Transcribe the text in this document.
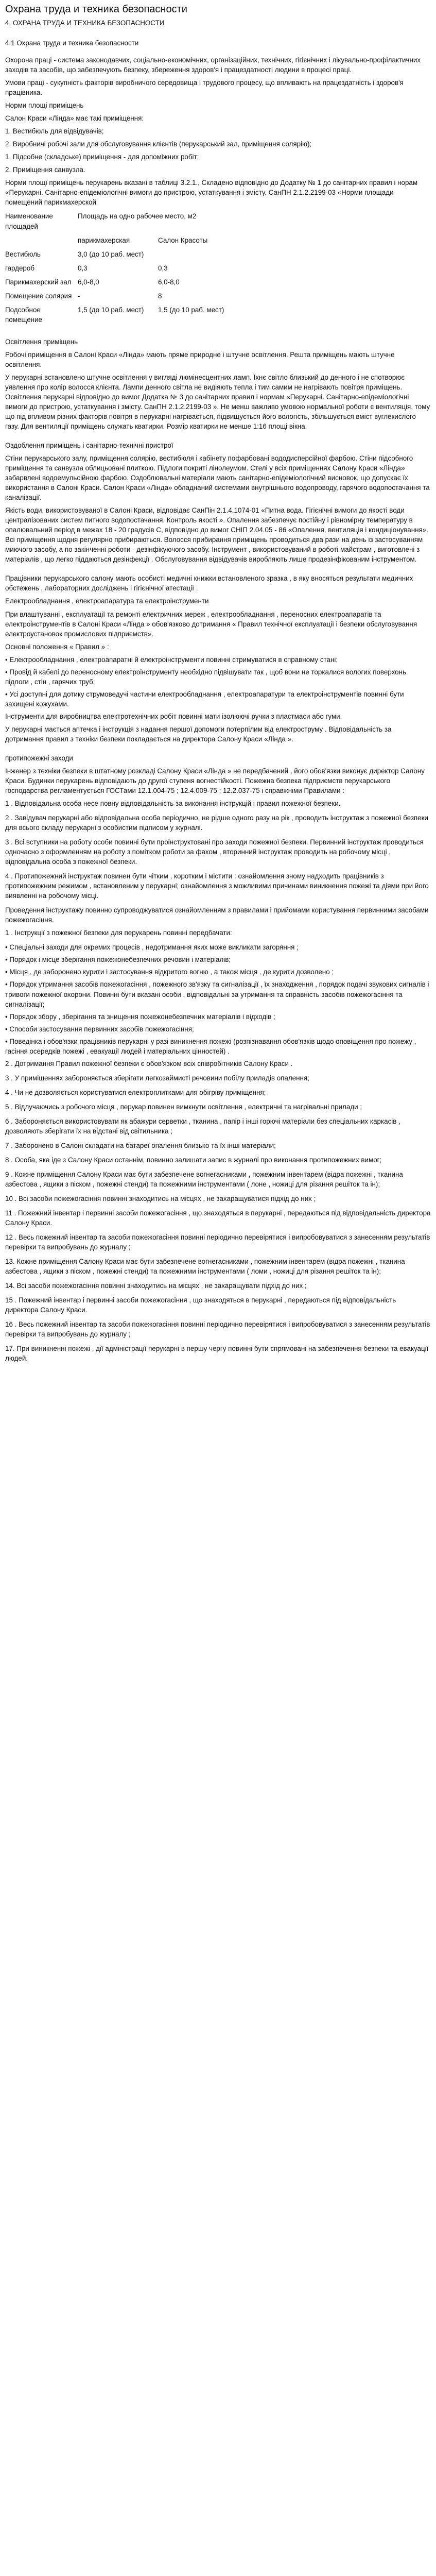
Охрана труда и техника безопасности
4. ОХРАНА ТРУДА И ТЕХНИКА БЕЗОПАСНОСТИ
4.1 Охрана труда и техника безопасности

Охорона праці - система законодавчих, соціально-економічних, організаційних, технічних, гігієнічних і лікувально-профілактичних заходів та засобів, що забезпечують безпеку, збереження здоров'я і працездатності людини в процесі праці.

Умови праці - сукупність факторів виробничого середовища і трудового процесу, що впливають на працездатність і здоров'я працівника.

Норми площі приміщень

Салон Краси «Лінда» має такі приміщення:

1. Вестибюль для відвідувачів;

2. Виробничі робочі зали для обслуговування клієнтів (перукарський зал, приміщення солярію);

1. Підсобне (складське) приміщення - для допоміжних робіт;

2. Приміщення санвузла.

Норми площі приміщень перукарень вказані в таблиці 3.2.1., Складено відповідно до Додатку № 1 до санітарних правил і норам «Перукарні. Санітарно-епідеміологічні вимоги до пристрою, устаткування і змісту. СанПН 2.1.2.2199-03 «Норми площади помещений парикмахерской

Наименование площадей	Площадь на одно рабочее место, м2	
	парикмахерская	Салон Красоты
Вестибюль	3,0 (до 10 раб. мест)	
гардероб	0,3	0,3
Парикмахерский зал	6,0-8,0	6,0-8,0
Помещение солярия	-	8
Подсобное помещение	1,5 (до 10 раб. мест)	1,5 (до 10 раб. мест)

Освітлення приміщень

Робочі приміщення в Салоні Краси «Лінда» мають пряме природне і штучне освітлення. Решта приміщень мають штучне освітлення.

У перукарні встановлено штучне освітлення у вигляді люмінесцентних ламп. Їхнє світло близький до денного і не спотворює уявлення про колір волосся клієнта. Лампи денного світла не видіяють тепла і тим самим не нагрівають повітря приміщень. Освітлення перукарні відповідно до вимог Додатка № 3 до санітарних правил і нормам «Перукарні. Санітарно-епідеміологічні вимоги до пристрою, устаткування і змісту. СанПН 2.1.2.2199-03 ». Не менш важливо умовою нормальної роботи є вентиляція, тому що під впливом різних факторів повітря в перукарні нагрівається, підвищується його вологість, збільшується вміст вуглекислого газу. Для вентиляції приміщень служать кватирки. Розмір кватирки не менше 1:16 площі вікна.

Оздоблення приміщень і санітарно-технічні пристрої

Стіни перукарського залу, приміщення солярію, вестибюля і кабінету пофарбовані вододисперсійної фарбою. Стіни підсобного приміщення та санвузла облицьовані плиткою. Підлоги покриті лінолеумом. Стелі у всіх приміщеннях Салону Краси «Лінда» забарвлені водоемульсійною фарбою. Оздоблювальні матеріали мають санітарно-епідеміологічний висновок, що допускає їх використання в Салоні Краси. Салон Краси «Лінда» обладнаний системами внутрішнього водопроводу, гарячого водопостачання та каналізації.

Якість води, використовуваної в Салоні Краси, відповідає СанПін 2.1.4.1074-01 «Питна вода. Гігієнічні вимоги до якості води централізованих систем питного водопостачання. Контроль якості ». Опалення забезпечує постійну і рівномірну температуру в опалювальний період в межах 18 - 20 градусів С, відповідно до вимог СНІП 2.04.05 - 86 «Опалення, вентиляція і кондиціонування». Всі приміщення щодня регулярно прибираються. Волосся прибирання приміщень проводиться два рази на день із застосуванням миючого засобу, а по закінченні роботи - дезінфікуючого засобу. Інструмент , використовуваний в роботі майстрам , виготовлені з матеріалів , що легко піддаються дезінфекції . Обслуговування відвідувачів виробляють лише продезінфікованим інструментом.

Працівники перукарського салону мають особисті медичні книжки встановленого зразка , в яку вносяться результати медичних обстежень , лабораторних досліджень і гігієнічної атестації .

Електрообладнання , електроапаратура та електроінструменти

При влаштуванні , експлуатації та ремонті електричних мереж , електрообладнання , переносних електроапаратів та електроінструментів в Салоні Краси «Лінда » обов'язково дотримання « Правил технічної експлуатації і безпеки обслуговування електроустановок промислових підприємств».

Основні положення « Правил » :

• Електрообладнання , електроапаратні й електроінструменти повинні стримуватися в справному стані;

• Провід й кабелі до переносному електроінструменту необхідно підвішувати так , щоб вони не торкалися вологих поверхонь підлоги , стін , гарячих труб;

• Усі доступні для дотику струмоведучі частини електрообладнання , електроапаратури та електроінструментів повинні бути захищені кожухами.

Інструменти для виробництва електротехнічних робіт повинні мати ізолюючі ручки з пластмаси або гуми.

У перукарні мається аптечка і інструкція з надання першої допомоги потерпілим від електроструму . Відповідальність за дотримання правил з техніки безпеки покладається на директора Салону Краси «Лінда ».

протипожежні заходи

Інженер з техніки безпеки в штатному розкладі Салону Краси «Лінда » не передбачений , його обов'язки виконує директор Салону Краси. Будинки перукарень відповідають до другої ступеня вогнестійкості. Пожежна безпека підприємств перукарського господарства регламентується ГОСТами 12.1.004-75 ; 12.4.009-75 ; 12.2.037-75 і справжніми Правилами :

1 . Відповідальна особа несе повну відповідальність за виконання інструкцій і правил пожежної безпеки.

2 . Завідувач перукарні або відповідальна особа періодично, не рідше одного разу на рік , проводить інструктаж з пожежної безпеки для всього складу перукарні з особистим підписом у журналі.

3 . Всі вступники на роботу особи повинні бути проінструктовані про заходи пожежної безпеки. Первинний інструктаж проводиться одночасно з оформленням на роботу з помітком роботи за фахом , вторинний інструктаж проводить на робочому місці , відповідальна особа з пожежної безпеки.

4 . Протипожежний інструктаж повинен бути чітким , коротким і містити : ознайомлення зному надходить працівників з протипожежним режимом , встановленим у перукарні; ознайомлення з можливими причинами виникнення пожежі та діями при його виявленні на робочому місці.

Проведення інструктажу повинно супроводжуватися ознайомленням з правилами і прийомами користування первинними засобами пожежогасіння.

1 . Інструкції з пожежної безпеки для перукарень повинні передбачати:

• Спеціальні заходи для окремих процесів , недотримання яких може викликати загоряння ;

• Порядок і місце зберігання пожежонебезпечних речовин і матеріалів;

• Місця , де заборонено курити і застосування відкритого вогню , а також місця , де курити дозволено ;

• Порядок утримання засобів пожежогасіння , пожежного зв'язку та сигналізації , їх знаходження , порядок подачі звукових сигналів і тривоги пожежної охорони. Повинні бути вказані особи , відповідальні за утримання та справність засобів пожежогасіння та сигналізації;

• Порядок збору , зберігання та знищення пожежонебезпечних матеріалів і відходів ;

• Способи застосування первинних засобів пожежогасіння;

• Поведінка і обов'язки працівників перукарні у разі виникнення пожежі (розпізнавання обов'язків щодо оповіщення про пожежу , гасіння осередків пожежі , евакуації людей і матеріальних цінностей) .

2 . Дотримання Правил пожежної безпеки є обов'язком всіх співробітників Салону Краси .

3 . У приміщеннях забороняється зберігати легкозаймисті речовини побілу приладів опалення;

4 . Чи не дозволяється користуватися електроплитками для обігріву приміщення;

5 . Відлучаючись з робочого місця , перукар повинен вимкнути освітлення , електричні та нагрівальні прилади ;

6 . Забороняється використовувати як абажури серветки , тканина , папір і інші горючі матеріали без спеціальних каркасів , дозволяють зберігати їх на відстані від світильника ;

7 . Заборонено в Салоні складати на батареї опалення близько та їх інші матеріали;

8 . Особа, яка іде з Салону Краси останнім, повинно залишати запис в журналі про виконання протипожежних вимог;

9 . Кожне приміщення Салону Краси має бути забезпечене вогнегасниками , пожежним інвентарем (відра пожежні , тканина азбестова , ящики з піском , пожежні стенди) та пожежними інструментами ( лоне , ножиці для різання решіток та ін);

10 . Всі засоби пожежогасіння повинні знаходитись на місцях , не захаращуватися підхід до них ;

11 . Пожежний інвентар і первинні засоби пожежогасіння , що знаходяться в перукарні , передаються під відповідальність директора Салону Краси.

12 . Весь пожежний інвентар та засоби пожежогасіння повинні періодично перевірятися і випробовуватися з занесенням результатів перевірки та випробувань до журналу ;

13. Кожне приміщення Салону Краси має бути забезпечене вогнегасниками , пожежним інвентарем (відра пожежні , тканина азбестова , ящики з піском , пожежні стенди) та пожежними інструментами ( ломи , ножиці для різання решіток та ін);

14. Всі засоби пожежогасіння повинні знаходитись на місцях , не захаращувати підхід до них ;

15 . Пожежний інвентар і первинні засоби пожежогасіння , що знаходяться в перукарні , передаються під відповідальність директора Салону Краси.

16 . Весь пожежний інвентар та засоби пожежогасіння повинні періодично перевірятися і випробовуватися з занесенням результатів перевірки та випробувань до журналу ;

17. При виникненні пожежі , дії адміністрації перукарні в першу чергу повинні бути спрямовані на забезпечення безпеки та евакуації людей.
